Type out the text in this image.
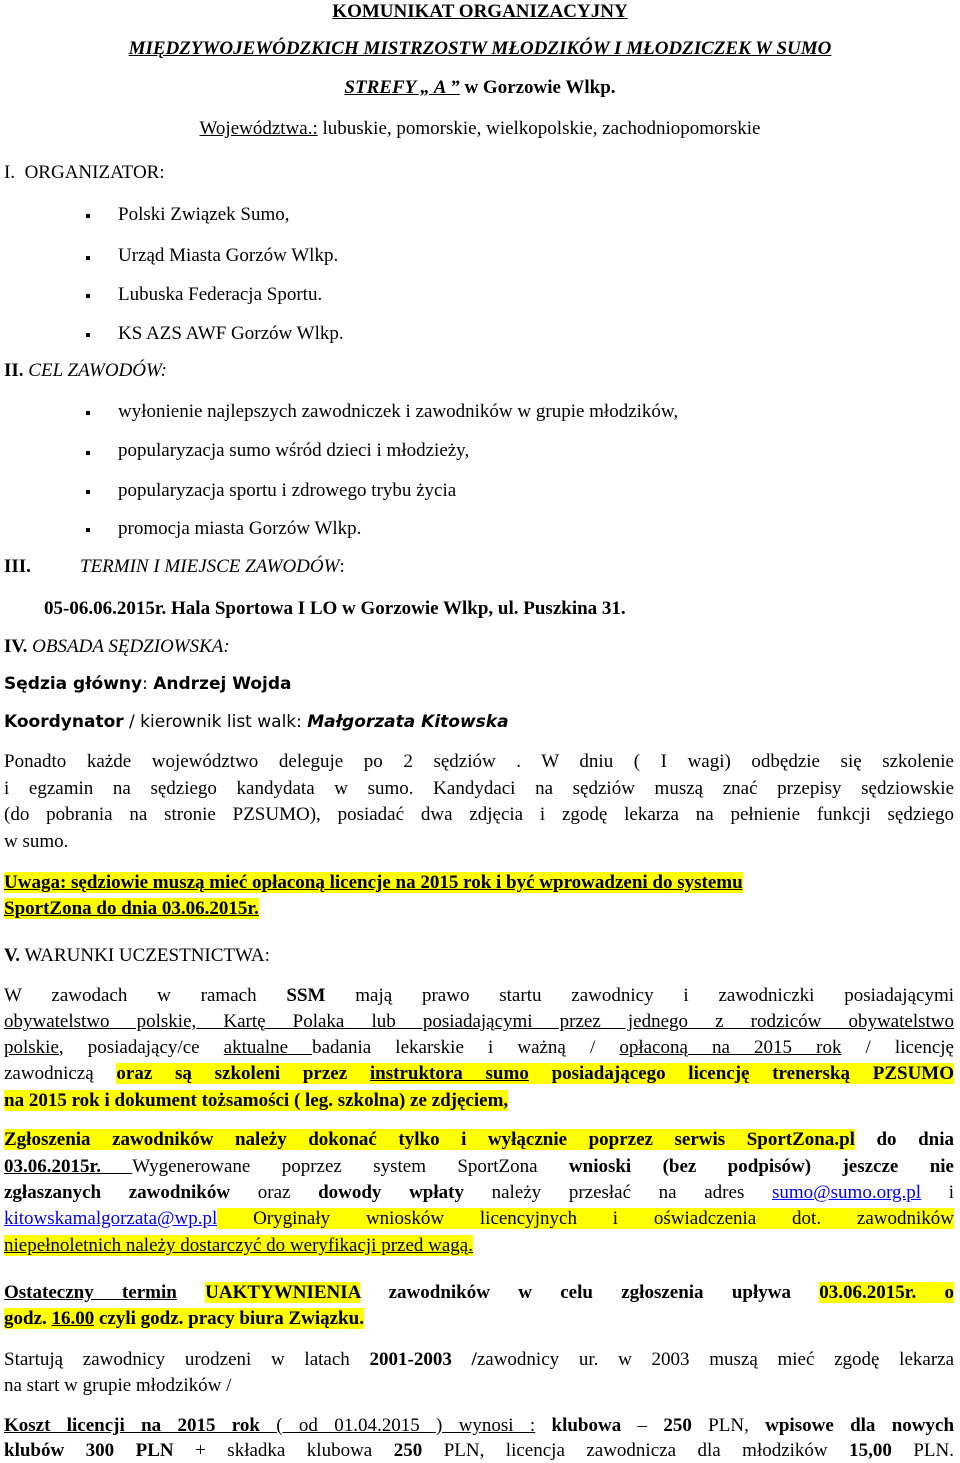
KOMUNIKAT ORGANIZACYJNY
MIĘDZYWOJEWÓDZKICH MISTRZOSTW MŁODZIKÓW I MŁODZICZEK W SUMO
STREFY „ A ” w Gorzowie Wlkp.
Województwa.: lubuskie, pomorskie, wielkopolskie, zachodniopomorskie
I. ORGANIZATOR:
Polski Związek Sumo,
Urząd Miasta Gorzów Wlkp.
Lubuska Federacja Sportu.
KS AZS AWF Gorzów Wlkp.
II. CEL ZAWODÓW:
wyłonienie najlepszych zawodniczek i zawodników w grupie młodzików,
popularyzacja sumo wśród dzieci i młodzieży,
popularyzacja sportu i zdrowego trybu życia
promocja miasta Gorzów Wlkp.
III.	TERMIN I MIEJSCE ZAWODÓW:
05-06.06.2015r. Hala Sportowa I LO w Gorzowie Wlkp, ul. Puszkina 31.
IV. OBSADA SĘDZIOWSKA:
Sędzia główny: Andrzej Wojda
Koordynator / kierownik list walk: Małgorzata Kitowska
Ponadto każde województwo deleguje po 2 sędziów . W dniu ( I wagi) odbędzie się szkolenie
i egzamin na sędziego kandydata w sumo. Kandydaci na sędziów muszą znać przepisy sędziowskie
(do pobrania na stronie PZSUMO), posiadać dwa zdjęcia i zgodę lekarza na pełnienie funkcji sędziego
w sumo.
Uwaga: sędziowie muszą mieć opłaconą licencje na 2015 rok i być wprowadzeni do systemu
SportZona do dnia 03.06.2015r.
V. WARUNKI UCZESTNICTWA:
W zawodach w ramach SSM mają prawo startu zawodnicy i zawodniczki posiadającymi
obywatelstwo polskie, Kartę Polaka lub posiadającymi przez jednego z rodziców obywatelstwo
polskie, posiadający/ce aktualne badania lekarskie i ważną / opłaconą na 2015 rok / licencję
zawodniczą oraz są szkoleni przez instruktora sumo posiadającego licencję trenerską PZSUMO
na 2015 rok i dokument tożsamości ( leg. szkolna) ze zdjęciem,
Zgłoszenia zawodników należy dokonać tylko i wyłącznie poprzez serwis SportZona.pl do dnia
03.06.2015r. Wygenerowane poprzez system SportZona wnioski (bez podpisów) jeszcze nie
zgłaszanych zawodników oraz dowody wpłaty należy przesłać na adres sumo@sumo.org.pl i
kitowskamalgorzata@wp.pl Oryginały wniosków licencyjnych i oświadczenia dot. zawodników
niepełnoletnich należy dostarczyć do weryfikacji przed wagą.
Ostateczny termin UAKTYWNIENIA zawodników w celu zgłoszenia upływa 03.06.2015r. o
godz. 16.00 czyli godz. pracy biura Związku.
Startują zawodnicy urodzeni w latach 2001-2003 /zawodnicy ur. w 2003 muszą mieć zgodę lekarza
na start w grupie młodzików /
Koszt licencji na 2015 rok ( od 01.04.2015 ) wynosi : klubowa – 250 PLN, wpisowe dla nowych
klubów 300 PLN + składka klubowa 250 PLN, licencja zawodnicza dla młodzików 15,00 PLN.
